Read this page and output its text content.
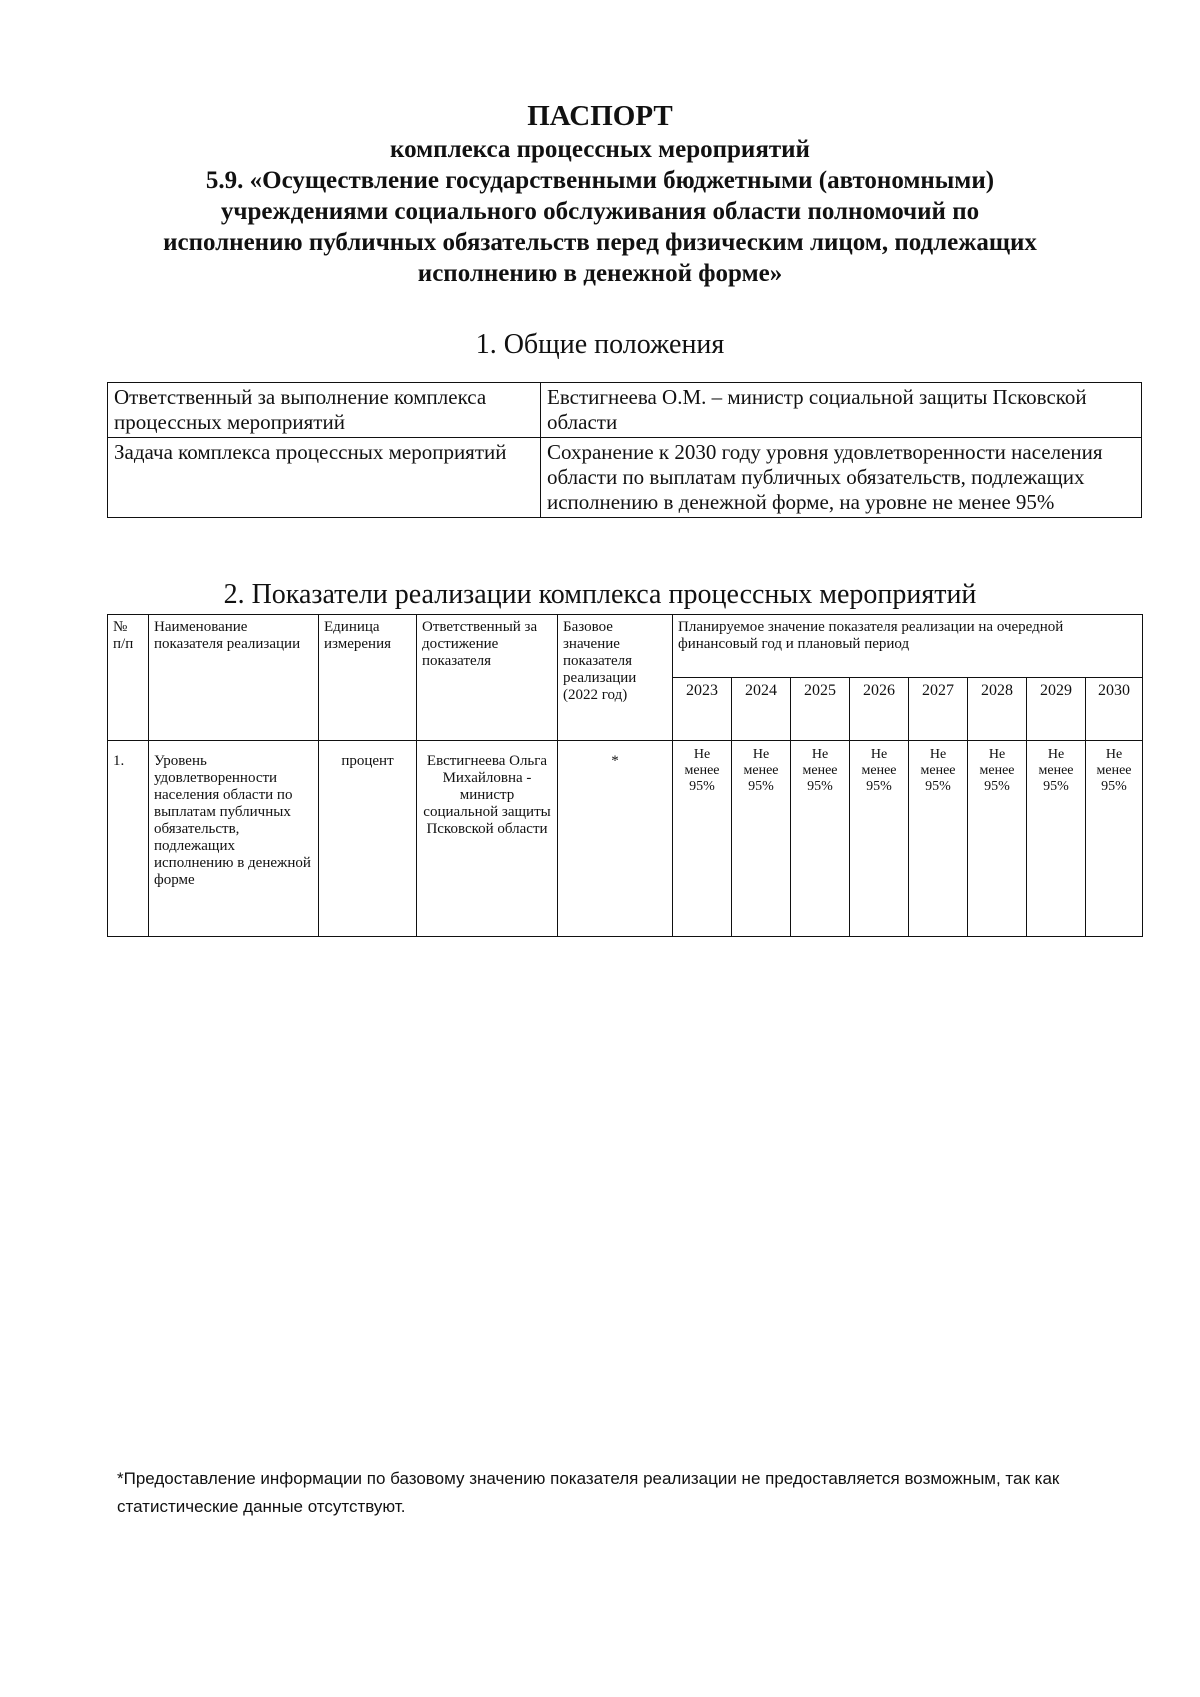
ПАСПОРТ
комплекса процессных мероприятий
5.9. «Осуществление государственными бюджетными (автономными)
учреждениями социального обслуживания области полномочий по
исполнению публичных обязательств перед физическим лицом, подлежащих
исполнению в денежной форме»
1. Общие положения
Ответственный за выполнение комплекса процессных мероприятий	Евстигнеева О.М. – министр социальной защиты Псковской области
Задача комплекса процессных мероприятий	Сохранение к 2030 году уровня удовлетворенности населения области по выплатам публичных обязательств, подлежащих исполнению в денежной форме, на уровне не менее 95%
2. Показатели реализации комплекса процессных мероприятий
№ п/п	Наименование показателя реализации	Единица измерения	Ответственный за достижение показателя	Базовое значение показателя реализации (2022 год)	Планируемое значение показателя реализации на очередной финансовый год и плановый период							
					2023	2024	2025	2026	2027	2028	2029	2030
1.	Уровень удовлетворенности населения области по выплатам публичных обязательств, подлежащих исполнению в денежной форме	процент	Евстигнеева Ольга Михайловна - министр социальной защиты Псковской области	*	Не менее 95%	Не менее 95%	Не менее 95%	Не менее 95%	Не менее 95%	Не менее 95%	Не менее 95%	Не менее 95%
*Предоставление информации по базовому значению показателя реализации не предоставляется возможным, так как статистические данные отсутствуют.
